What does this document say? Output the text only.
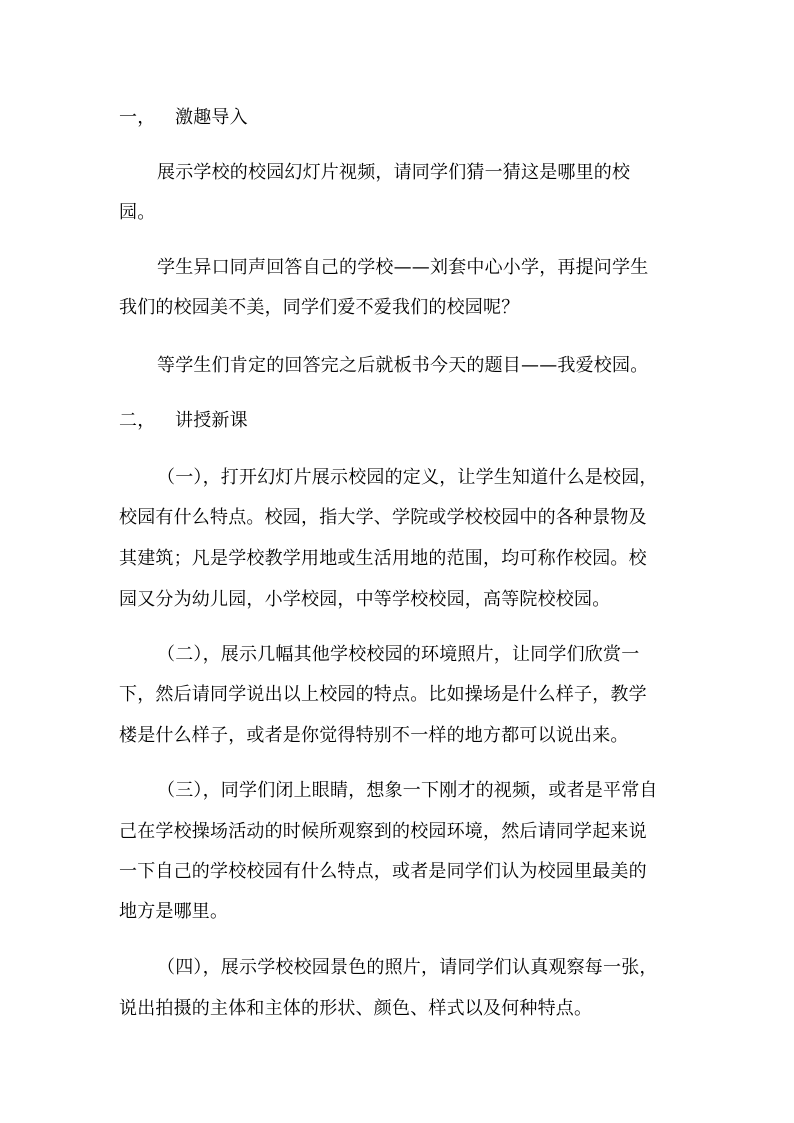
一， 激趣导入
展示学校的校园幻灯片视频，请同学们猜一猜这是哪里的校
园。
学生异口同声回答自己的学校——刘套中心小学，再提问学生
我们的校园美不美，同学们爱不爱我们的校园呢？
等学生们肯定的回答完之后就板书今天的题目——我爱校园。
二， 讲授新课
（一），打开幻灯片展示校园的定义，让学生知道什么是校园，
校园有什么特点。校园，指大学、学院或学校校园中的各种景物及
其建筑；凡是学校教学用地或生活用地的范围，均可称作校园。校
园又分为幼儿园，小学校园，中等学校校园，高等院校校园。
（二），展示几幅其他学校校园的环境照片，让同学们欣赏一
下，然后请同学说出以上校园的特点。比如操场是什么样子，教学
楼是什么样子，或者是你觉得特别不一样的地方都可以说出来。
（三），同学们闭上眼睛，想象一下刚才的视频，或者是平常自
己在学校操场活动的时候所观察到的校园环境，然后请同学起来说
一下自己的学校校园有什么特点，或者是同学们认为校园里最美的
地方是哪里。
（四），展示学校校园景色的照片，请同学们认真观察每一张，
说出拍摄的主体和主体的形状、颜色、样式以及何种特点。
